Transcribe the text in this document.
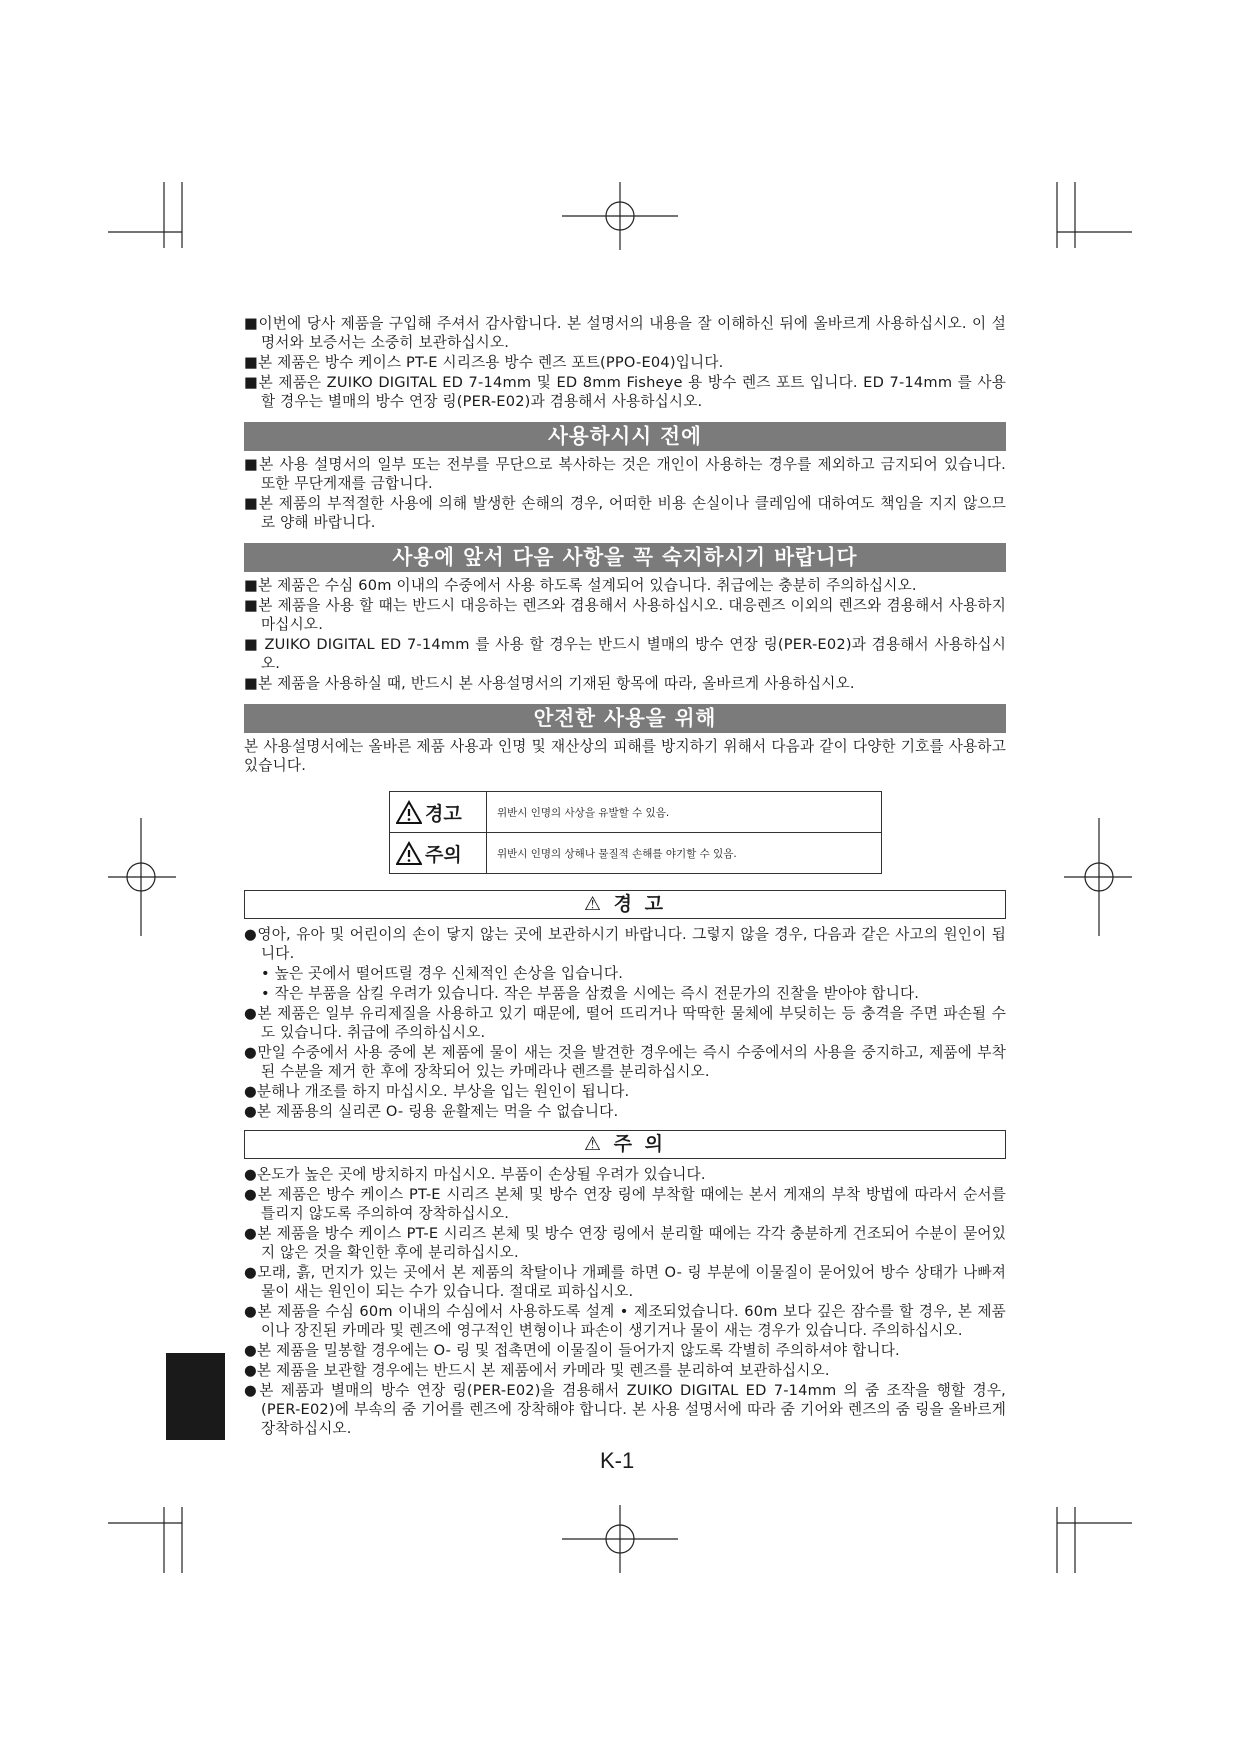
■이번에 당사 제품을 구입해 주셔서 감사합니다. 본 설명서의 내용을 잘 이해하신 뒤에 올바르게 사용하십시오. 이 설명서와 보증서는 소중히 보관하십시오.

■본 제품은 방수 케이스 PT-E 시리즈용 방수 렌즈 포트(PPO-E04)입니다.

■본 제품은 ZUIKO DIGITAL ED 7-14mm 및 ED 8mm Fisheye 용 방수 렌즈 포트 입니다. ED 7-14mm 를 사용 할 경우는 별매의 방수 연장 링(PER-E02)과 겸용해서 사용하십시오.

사용하시시 전에

■본 사용 설명서의 일부 또는 전부를 무단으로 복사하는 것은 개인이 사용하는 경우를 제외하고 금지되어 있습니다. 또한 무단게재를 금합니다.

■본 제품의 부적절한 사용에 의해 발생한 손해의 경우, 어떠한 비용 손실이나 클레임에 대하여도 책임을 지지 않으므로 양해 바랍니다.

사용에 앞서 다음 사항을 꼭 숙지하시기 바랍니다

■본 제품은 수심 60m 이내의 수중에서 사용 하도록 설계되어 있습니다. 취급에는 충분히 주의하십시오.

■본 제품을 사용 할 때는 반드시 대응하는 렌즈와 겸용해서 사용하십시오. 대응렌즈 이외의 렌즈와 겸용해서 사용하지 마십시오.

■ ZUIKO DIGITAL ED 7-14mm 를 사용 할 경우는 반드시 별매의 방수 연장 링(PER-E02)과 겸용해서 사용하십시오.

■본 제품을 사용하실 때, 반드시 본 사용설명서의 기재된 항목에 따라, 올바르게 사용하십시오.

안전한 사용을 위해

본 사용설명서에는 올바른 제품 사용과 인명 및 재산상의 피해를 방지하기 위해서 다음과 같이 다양한 기호를 사용하고 있습니다.

경고	위반시 인명의 사상을 유발할 수 있음.
주의	위반시 인명의 상해나 물질적 손해를 야기할 수 있음.
⚠ 경 고

●영아, 유아 및 어린이의 손이 닿지 않는 곳에 보관하시기 바랍니다. 그렇지 않을 경우, 다음과 같은 사고의 원인이 됩니다.

• 높은 곳에서 떨어뜨릴 경우 신체적인 손상을 입습니다.

• 작은 부품을 삼킬 우려가 있습니다. 작은 부품을 삼켰을 시에는 즉시 전문가의 진찰을 받아야 합니다.

●본 제품은 일부 유리제질을 사용하고 있기 때문에, 떨어 뜨리거나 딱딱한 물체에 부딪히는 등 충격을 주면 파손될 수도 있습니다. 취급에 주의하십시오.

●만일 수중에서 사용 중에 본 제품에 물이 새는 것을 발견한 경우에는 즉시 수중에서의 사용을 중지하고, 제품에 부착된 수분을 제거 한 후에 장착되어 있는 카메라나 렌즈를 분리하십시오.

●분해나 개조를 하지 마십시오. 부상을 입는 원인이 됩니다.

●본 제품용의 실리콘 O- 링용 윤활제는 먹을 수 없습니다.

⚠ 주 의

●온도가 높은 곳에 방치하지 마십시오. 부품이 손상될 우려가 있습니다.

●본 제품은 방수 케이스 PT-E 시리즈 본체 및 방수 연장 링에 부착할 때에는 본서 게재의 부착 방법에 따라서 순서를 틀리지 않도록 주의하여 장착하십시오.

●본 제품을 방수 케이스 PT-E 시리즈 본체 및 방수 연장 링에서 분리할 때에는 각각 충분하게 건조되어 수분이 묻어있지 않은 것을 확인한 후에 분리하십시오.

●모래, 흙, 먼지가 있는 곳에서 본 제품의 착탈이나 개폐를 하면 O- 링 부분에 이물질이 묻어있어 방수 상태가 나빠져 물이 새는 원인이 되는 수가 있습니다. 절대로 피하십시오.

●본 제품을 수심 60m 이내의 수심에서 사용하도록 설계 • 제조되었습니다. 60m 보다 깊은 잠수를 할 경우, 본 제품이나 장진된 카메라 및 렌즈에 영구적인 변형이나 파손이 생기거나 물이 새는 경우가 있습니다. 주의하십시오.

●본 제품을 밀봉할 경우에는 O- 링 및 접촉면에 이물질이 들어가지 않도록 각별히 주의하셔야 합니다.

●본 제품을 보관할 경우에는 반드시 본 제품에서 카메라 및 렌즈를 분리하여 보관하십시오.

●본 제품과 별매의 방수 연장 링(PER-E02)을 겸용해서 ZUIKO DIGITAL ED 7-14mm 의 줌 조작을 행할 경우, (PER-E02)에 부속의 줌 기어를 렌즈에 장착해야 합니다. 본 사용 설명서에 따라 줌 기어와 렌즈의 줌 링을 올바르게 장착하십시오.

K-1
